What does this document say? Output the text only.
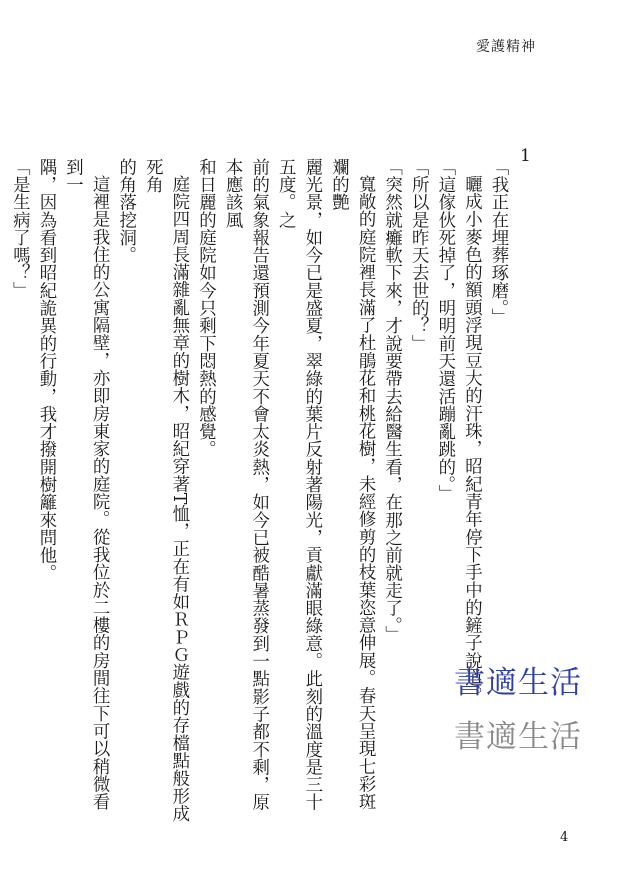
愛護精神
1

「我正在埋葬琢磨。」

曬成小麥色的額頭浮現豆大的汗珠，昭紀青年停下手中的鏟子說道。

「這傢伙死掉了，明明前天還活蹦亂跳的。」

「所以是昨天去世的？」

「突然就癱軟下來，才說要帶去給醫生看，在那之前就走了。」

寬敞的庭院裡長滿了杜鵑花和桃花樹，未經修剪的枝葉恣意伸展。春天呈現七彩斑斕的艷

麗光景，如今已是盛夏，翠綠的葉片反射著陽光，貢獻滿眼綠意。此刻的溫度是三十五度。之

前的氣象報告還預測今年夏天不會太炎熱，如今已被酷暑蒸發到一點影子都不剩，原本應該風

和日麗的庭院如今只剩下悶熱的感覺。

庭院四周長滿雜亂無章的樹木，昭紀穿著T恤，正在有如ＲＰＧ遊戲的存檔點般形成死角

的角落挖洞。

這裡是我住的公寓隔壁，亦即房東家的庭院。從我位於二樓的房間往下可以稍微看到一

隅，因為看到昭紀詭異的行動，我才撥開樹籬來問他。

「是生病了嗎？」

書適生活
書適生活
4
